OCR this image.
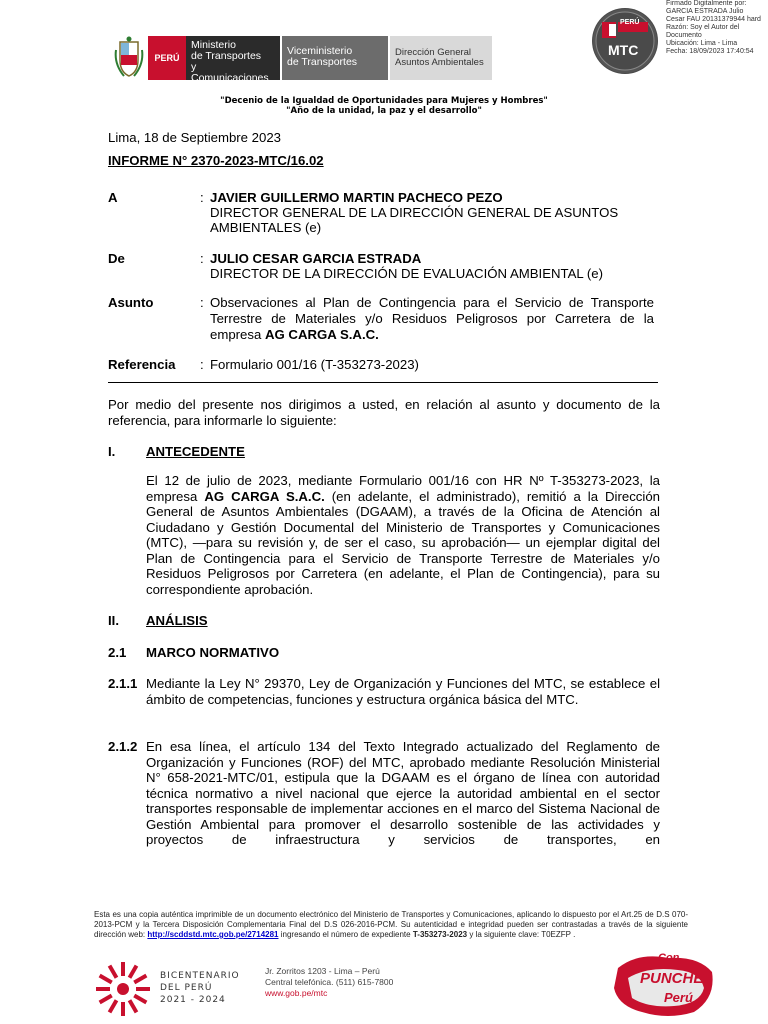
PERÚ
Ministerio
de Transportes
y Comunicaciones
Viceministerio
de Transportes
Dirección General
Asuntos Ambientales
PERÚ
MTC
Firmado Digitalmente por:
GARCIA ESTRADA Julio
Cesar FAU 20131379944 hard
Razón: Soy el Autor del
Documento
Ubicación: Lima - Lima
Fecha: 18/09/2023 17:40:54
"Decenio de la Igualdad de Oportunidades para Mujeres y Hombres"
"Año de la unidad, la paz y el desarrollo"
Lima, 18 de Septiembre 2023
INFORME N° 2370-2023-MTC/16.02
A	: JAVIER GUILLERMO MARTIN PACHECO PEZO
DIRECTOR GENERAL DE LA DIRECCIÓN GENERAL DE ASUNTOS
AMBIENTALES (e)
De	: JULIO CESAR GARCIA ESTRADA
DIRECTOR DE LA DIRECCIÓN DE EVALUACIÓN AMBIENTAL (e)
Asunto	: Observaciones al Plan de Contingencia para el Servicio de Transporte
Terrestre de Materiales y/o Residuos Peligrosos por Carretera de la
empresa AG CARGA S.A.C.
Referencia : Formulario 001/16 (T-353273-2023)
Por medio del presente nos dirigimos a usted, en relación al asunto y documento de la referencia, para informarle lo siguiente:
I. ANTECEDENTE
El 12 de julio de 2023, mediante Formulario 001/16 con HR Nº T-353273-2023, la empresa AG CARGA S.A.C. (en adelante, el administrado), remitió a la Dirección General de Asuntos Ambientales (DGAAM), a través de la Oficina de Atención al Ciudadano y Gestión Documental del Ministerio de Transportes y Comunicaciones (MTC), —para su revisión y, de ser el caso, su aprobación— un ejemplar digital del Plan de Contingencia para el Servicio de Transporte Terrestre de Materiales y/o Residuos Peligrosos por Carretera (en adelante, el Plan de Contingencia), para su correspondiente aprobación.
II. ANÁLISIS
2.1 MARCO NORMATIVO
2.1.1 Mediante la Ley N° 29370, Ley de Organización y Funciones del MTC, se establece el ámbito de competencias, funciones y estructura orgánica básica del MTC.
2.1.2 En esa línea, el artículo 134 del Texto Integrado actualizado del Reglamento de Organización y Funciones (ROF) del MTC, aprobado mediante Resolución Ministerial N° 658-2021-MTC/01, estipula que la DGAAM es el órgano de línea con autoridad técnica normativo a nivel nacional que ejerce la autoridad ambiental en el sector transportes responsable de implementar acciones en el marco del Sistema Nacional de Gestión Ambiental para promover el desarrollo sostenible de las actividades y proyectos de infraestructura y servicios de transportes, en
Esta es una copia auténtica imprimible de un documento electrónico del Ministerio de Transportes y Comunicaciones, aplicando lo dispuesto por el Art.25 de D.S 070-2013-PCM y la Tercera Disposición Complementaria Final del D.S 026-2016-PCM. Su autenticidad e integridad pueden ser contrastadas a través de la siguiente dirección web: http://scddstd.mtc.gob.pe/2714281 ingresando el número de expediente T-353273-2023 y la siguiente clave: T0EZFP .
BICENTENARIO
DEL PERÚ
2021 - 2024
Jr. Zorritos 1203 - Lima – Perú
Central telefónica. (511) 615-7800
www.gob.pe/mtc
Con
PUNCHE
Perú
